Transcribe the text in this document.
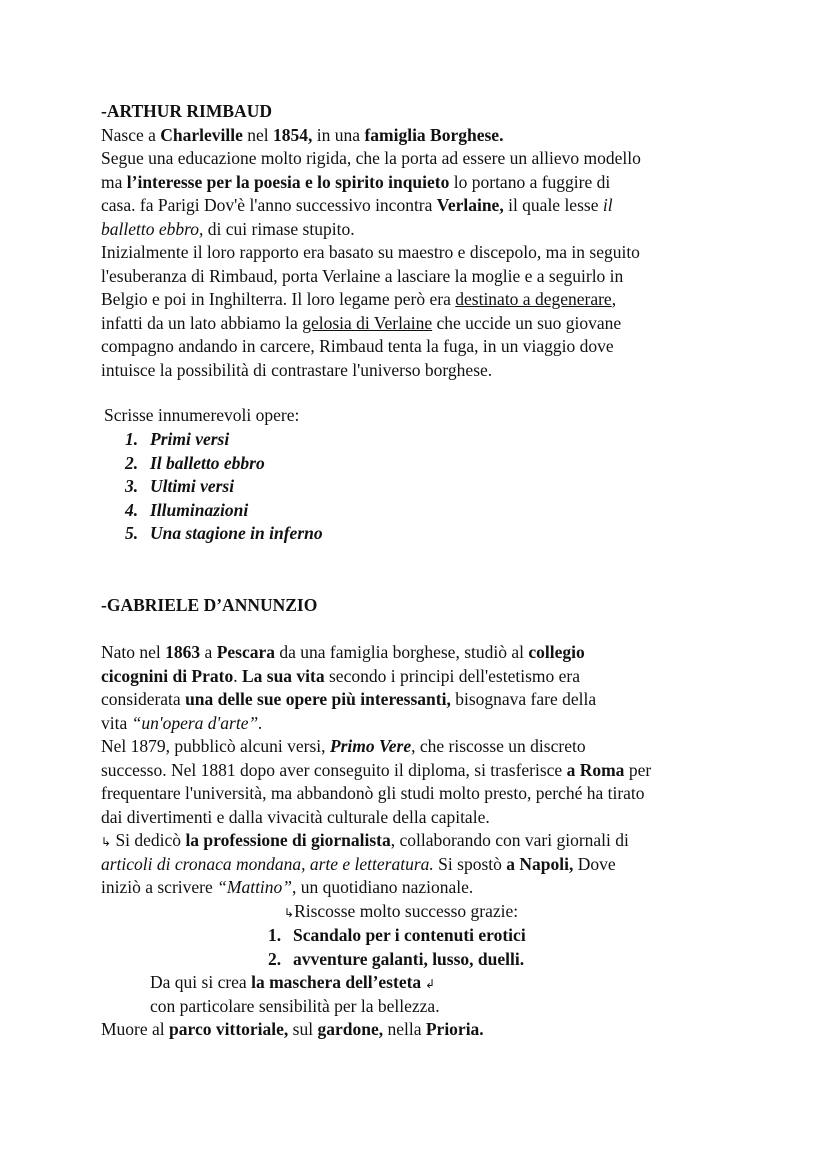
-ARTHUR RIMBAUD
Nasce a Charleville nel 1854, in una famiglia Borghese.
Segue una educazione molto rigida, che la porta ad essere un allievo modello
ma l’interesse per la poesia e lo spirito inquieto lo portano a fuggire di
casa. fa Parigi Dov'è l'anno successivo incontra Verlaine, il quale lesse il
balletto ebbro, di cui rimase stupito.
Inizialmente il loro rapporto era basato su maestro e discepolo, ma in seguito
l'esuberanza di Rimbaud, porta Verlaine a lasciare la moglie e a seguirlo in
Belgio e poi in Inghilterra. Il loro legame però era destinato a degenerare,
infatti da un lato abbiamo la gelosia di Verlaine che uccide un suo giovane
compagno andando in carcere, Rimbaud tenta la fuga, in un viaggio dove
intuisce la possibilità di contrastare l'universo borghese.
Scrisse innumerevoli opere:
1. Primi versi
2. Il balletto ebbro
3. Ultimi versi
4. Illuminazioni
5. Una stagione in inferno
-GABRIELE D’ANNUNZIO
Nato nel 1863 a Pescara da una famiglia borghese, studiò al collegio
cicognini di Prato. La sua vita secondo i principi dell'estetismo era
considerata una delle sue opere più interessanti, bisognava fare della
vita “un'opera d'arte”.
Nel 1879, pubblicò alcuni versi, Primo Vere, che riscosse un discreto
successo. Nel 1881 dopo aver conseguito il diploma, si trasferisce a Roma per
frequentare l'università, ma abbandonò gli studi molto presto, perché ha tirato
dai divertimenti e dalla vivacità culturale della capitale.
↳ Si dedicò la professione di giornalista, collaborando con vari giornali di
articoli di cronaca mondana, arte e letteratura. Si spostò a Napoli, Dove
iniziò a scrivere “Mattino”, un quotidiano nazionale.
↳Riscosse molto successo grazie:
1. Scandalo per i contenuti erotici
2. avventure galanti, lusso, duelli.
Da qui si crea la maschera dell’esteta ↲
con particolare sensibilità per la bellezza.
Muore al parco vittoriale, sul gardone, nella Prioria.
